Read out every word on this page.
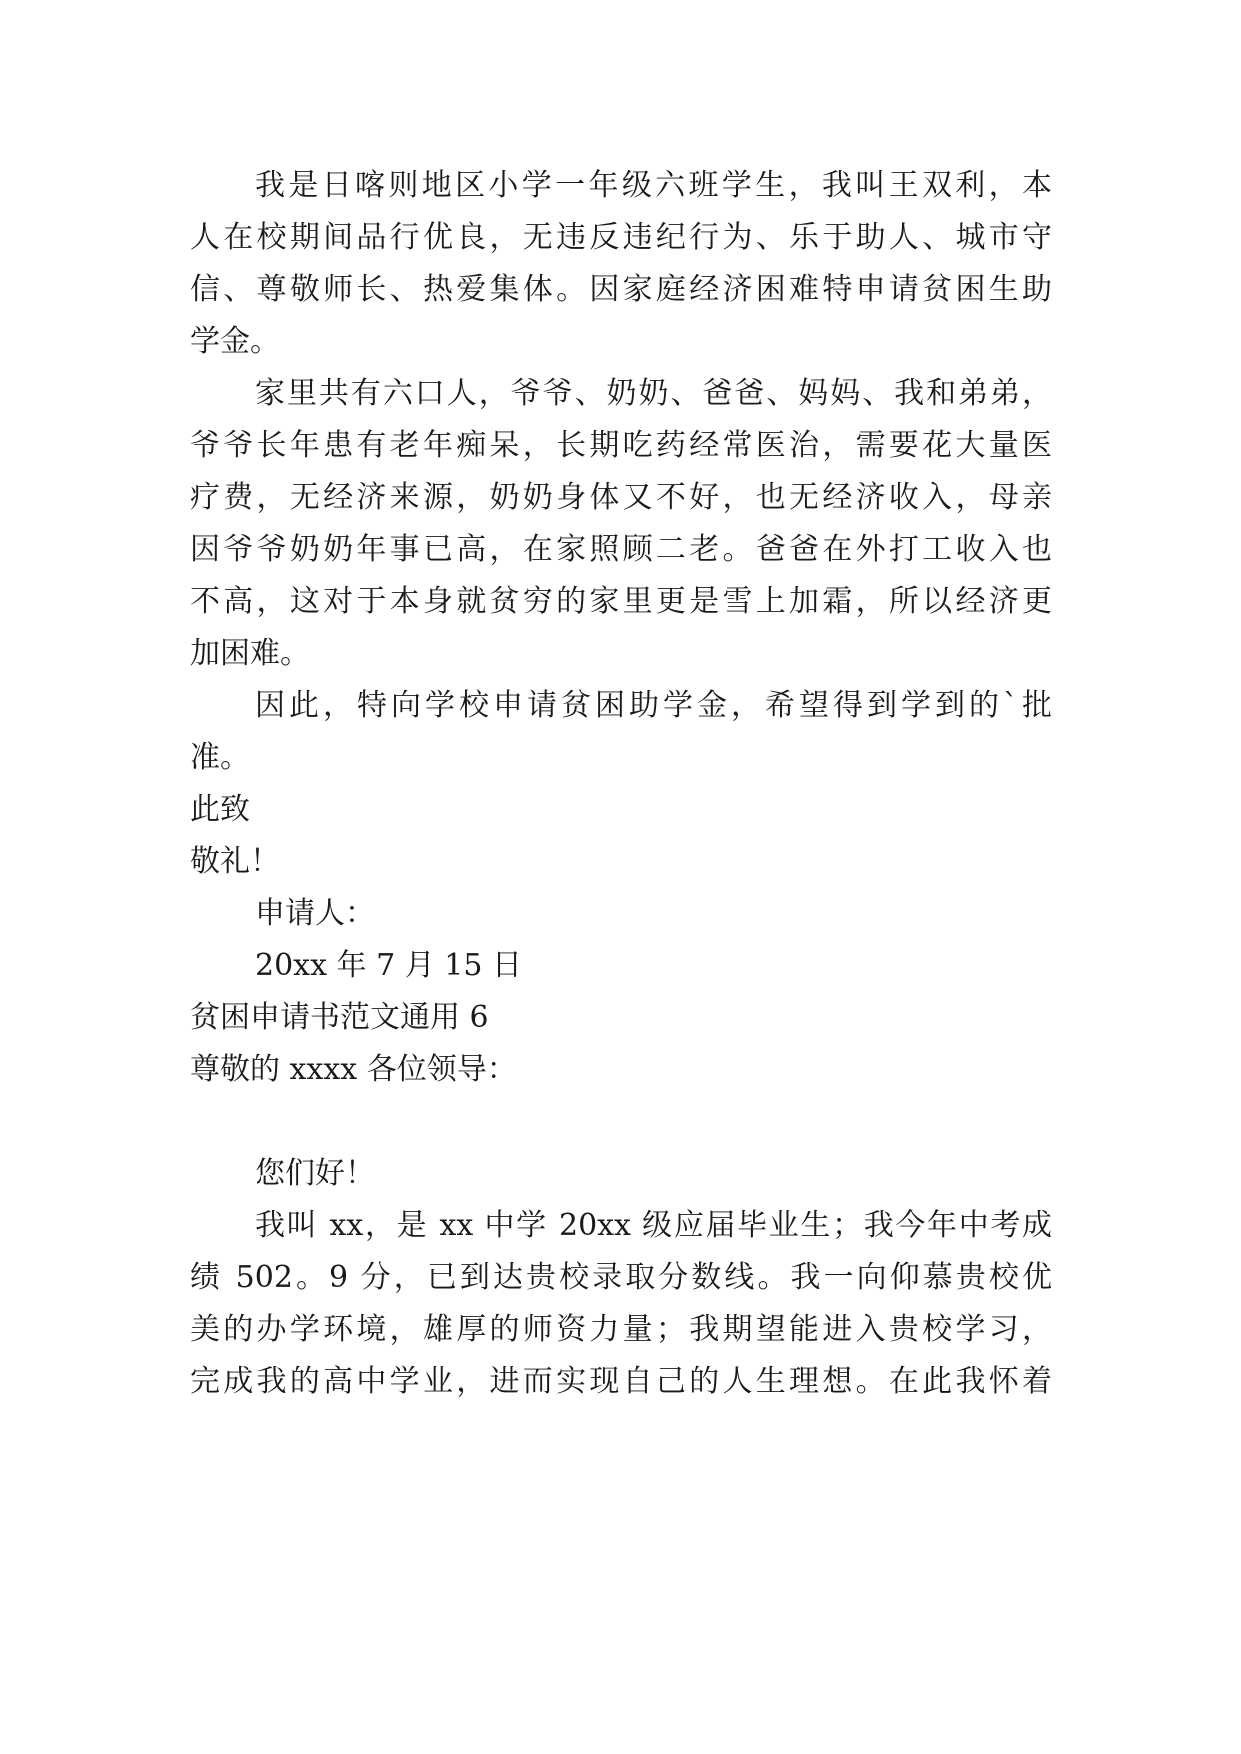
我是日喀则地区小学一年级六班学生，我叫王双利，本
人在校期间品行优良，无违反违纪行为、乐于助人、城市守
信、尊敬师长、热爱集体。因家庭经济困难特申请贫困生助
学金。
家里共有六口人，爷爷、奶奶、爸爸、妈妈、我和弟弟，
爷爷长年患有老年痴呆，长期吃药经常医治，需要花大量医
疗费，无经济来源，奶奶身体又不好，也无经济收入，母亲
因爷爷奶奶年事已高，在家照顾二老。爸爸在外打工收入也
不高，这对于本身就贫穷的家里更是雪上加霜，所以经济更
加困难。
因此，特向学校申请贫困助学金，希望得到学到的`批
准。
此致
敬礼！
申请人：
20xx 年 7 月 15 日
贫困申请书范文通用 6
尊敬的 xxxx 各位领导：
您们好！
我叫 xx，是 xx 中学 20xx 级应届毕业生；我今年中考成
绩 502。9 分，已到达贵校录取分数线。我一向仰慕贵校优
美的办学环境，雄厚的师资力量；我期望能进入贵校学习，
完成我的高中学业，进而实现自己的人生理想。在此我怀着
